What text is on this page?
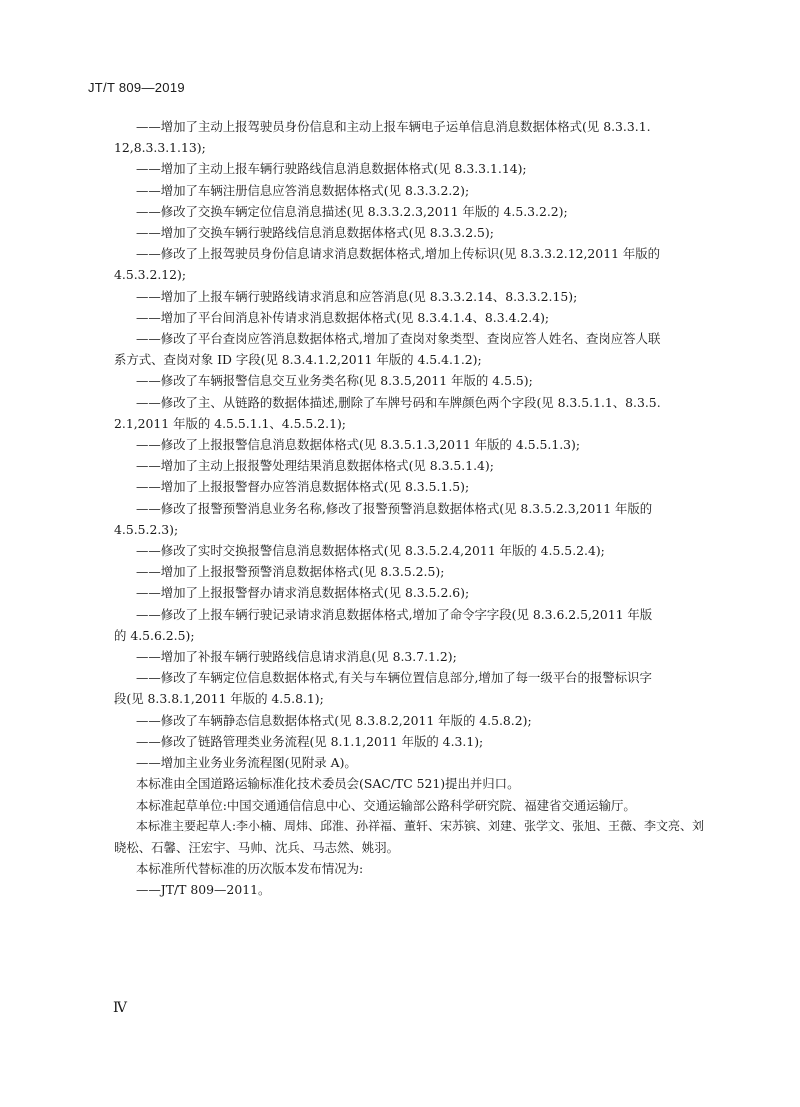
JT/T 809—2019
——增加了主动上报驾驶员身份信息和主动上报车辆电子运单信息消息数据体格式(见 8.3.3.1.
12,8.3.3.1.13);
——增加了主动上报车辆行驶路线信息消息数据体格式(见 8.3.3.1.14);
——增加了车辆注册信息应答消息数据体格式(见 8.3.3.2.2);
——修改了交换车辆定位信息消息描述(见 8.3.3.2.3,2011 年版的 4.5.3.2.2);
——增加了交换车辆行驶路线信息消息数据体格式(见 8.3.3.2.5);
——修改了上报驾驶员身份信息请求消息数据体格式,增加上传标识(见 8.3.3.2.12,2011 年版的
4.5.3.2.12);
——增加了上报车辆行驶路线请求消息和应答消息(见 8.3.3.2.14、8.3.3.2.15);
——增加了平台间消息补传请求消息数据体格式(见 8.3.4.1.4、8.3.4.2.4);
——修改了平台查岗应答消息数据体格式,增加了查岗对象类型、查岗应答人姓名、查岗应答人联
系方式、查岗对象 ID 字段(见 8.3.4.1.2,2011 年版的 4.5.4.1.2);
——修改了车辆报警信息交互业务类名称(见 8.3.5,2011 年版的 4.5.5);
——修改了主、从链路的数据体描述,删除了车牌号码和车牌颜色两个字段(见 8.3.5.1.1、8.3.5.
2.1,2011 年版的 4.5.5.1.1、4.5.5.2.1);
——修改了上报报警信息消息数据体格式(见 8.3.5.1.3,2011 年版的 4.5.5.1.3);
——增加了主动上报报警处理结果消息数据体格式(见 8.3.5.1.4);
——增加了上报报警督办应答消息数据体格式(见 8.3.5.1.5);
——修改了报警预警消息业务名称,修改了报警预警消息数据体格式(见 8.3.5.2.3,2011 年版的
4.5.5.2.3);
——修改了实时交换报警信息消息数据体格式(见 8.3.5.2.4,2011 年版的 4.5.5.2.4);
——增加了上报报警预警消息数据体格式(见 8.3.5.2.5);
——增加了上报报警督办请求消息数据体格式(见 8.3.5.2.6);
——修改了上报车辆行驶记录请求消息数据体格式,增加了命令字字段(见 8.3.6.2.5,2011 年版
的 4.5.6.2.5);
——增加了补报车辆行驶路线信息请求消息(见 8.3.7.1.2);
——修改了车辆定位信息数据体格式,有关与车辆位置信息部分,增加了每一级平台的报警标识字
段(见 8.3.8.1,2011 年版的 4.5.8.1);
——修改了车辆静态信息数据体格式(见 8.3.8.2,2011 年版的 4.5.8.2);
——修改了链路管理类业务流程(见 8.1.1,2011 年版的 4.3.1);
——增加主业务业务流程图(见附录 A)。
本标准由全国道路运输标准化技术委员会(SAC/TC 521)提出并归口。
本标准起草单位:中国交通通信信息中心、交通运输部公路科学研究院、福建省交通运输厅。
本标准主要起草人:李小楠、周炜、邱淮、孙祥福、董轩、宋苏镔、刘建、张学文、张旭、王薇、李文亮、刘
晓松、石馨、汪宏宇、马帅、沈兵、马志然、姚羽。
本标准所代替标准的历次版本发布情况为:
——JT/T 809—2011。
Ⅳ
